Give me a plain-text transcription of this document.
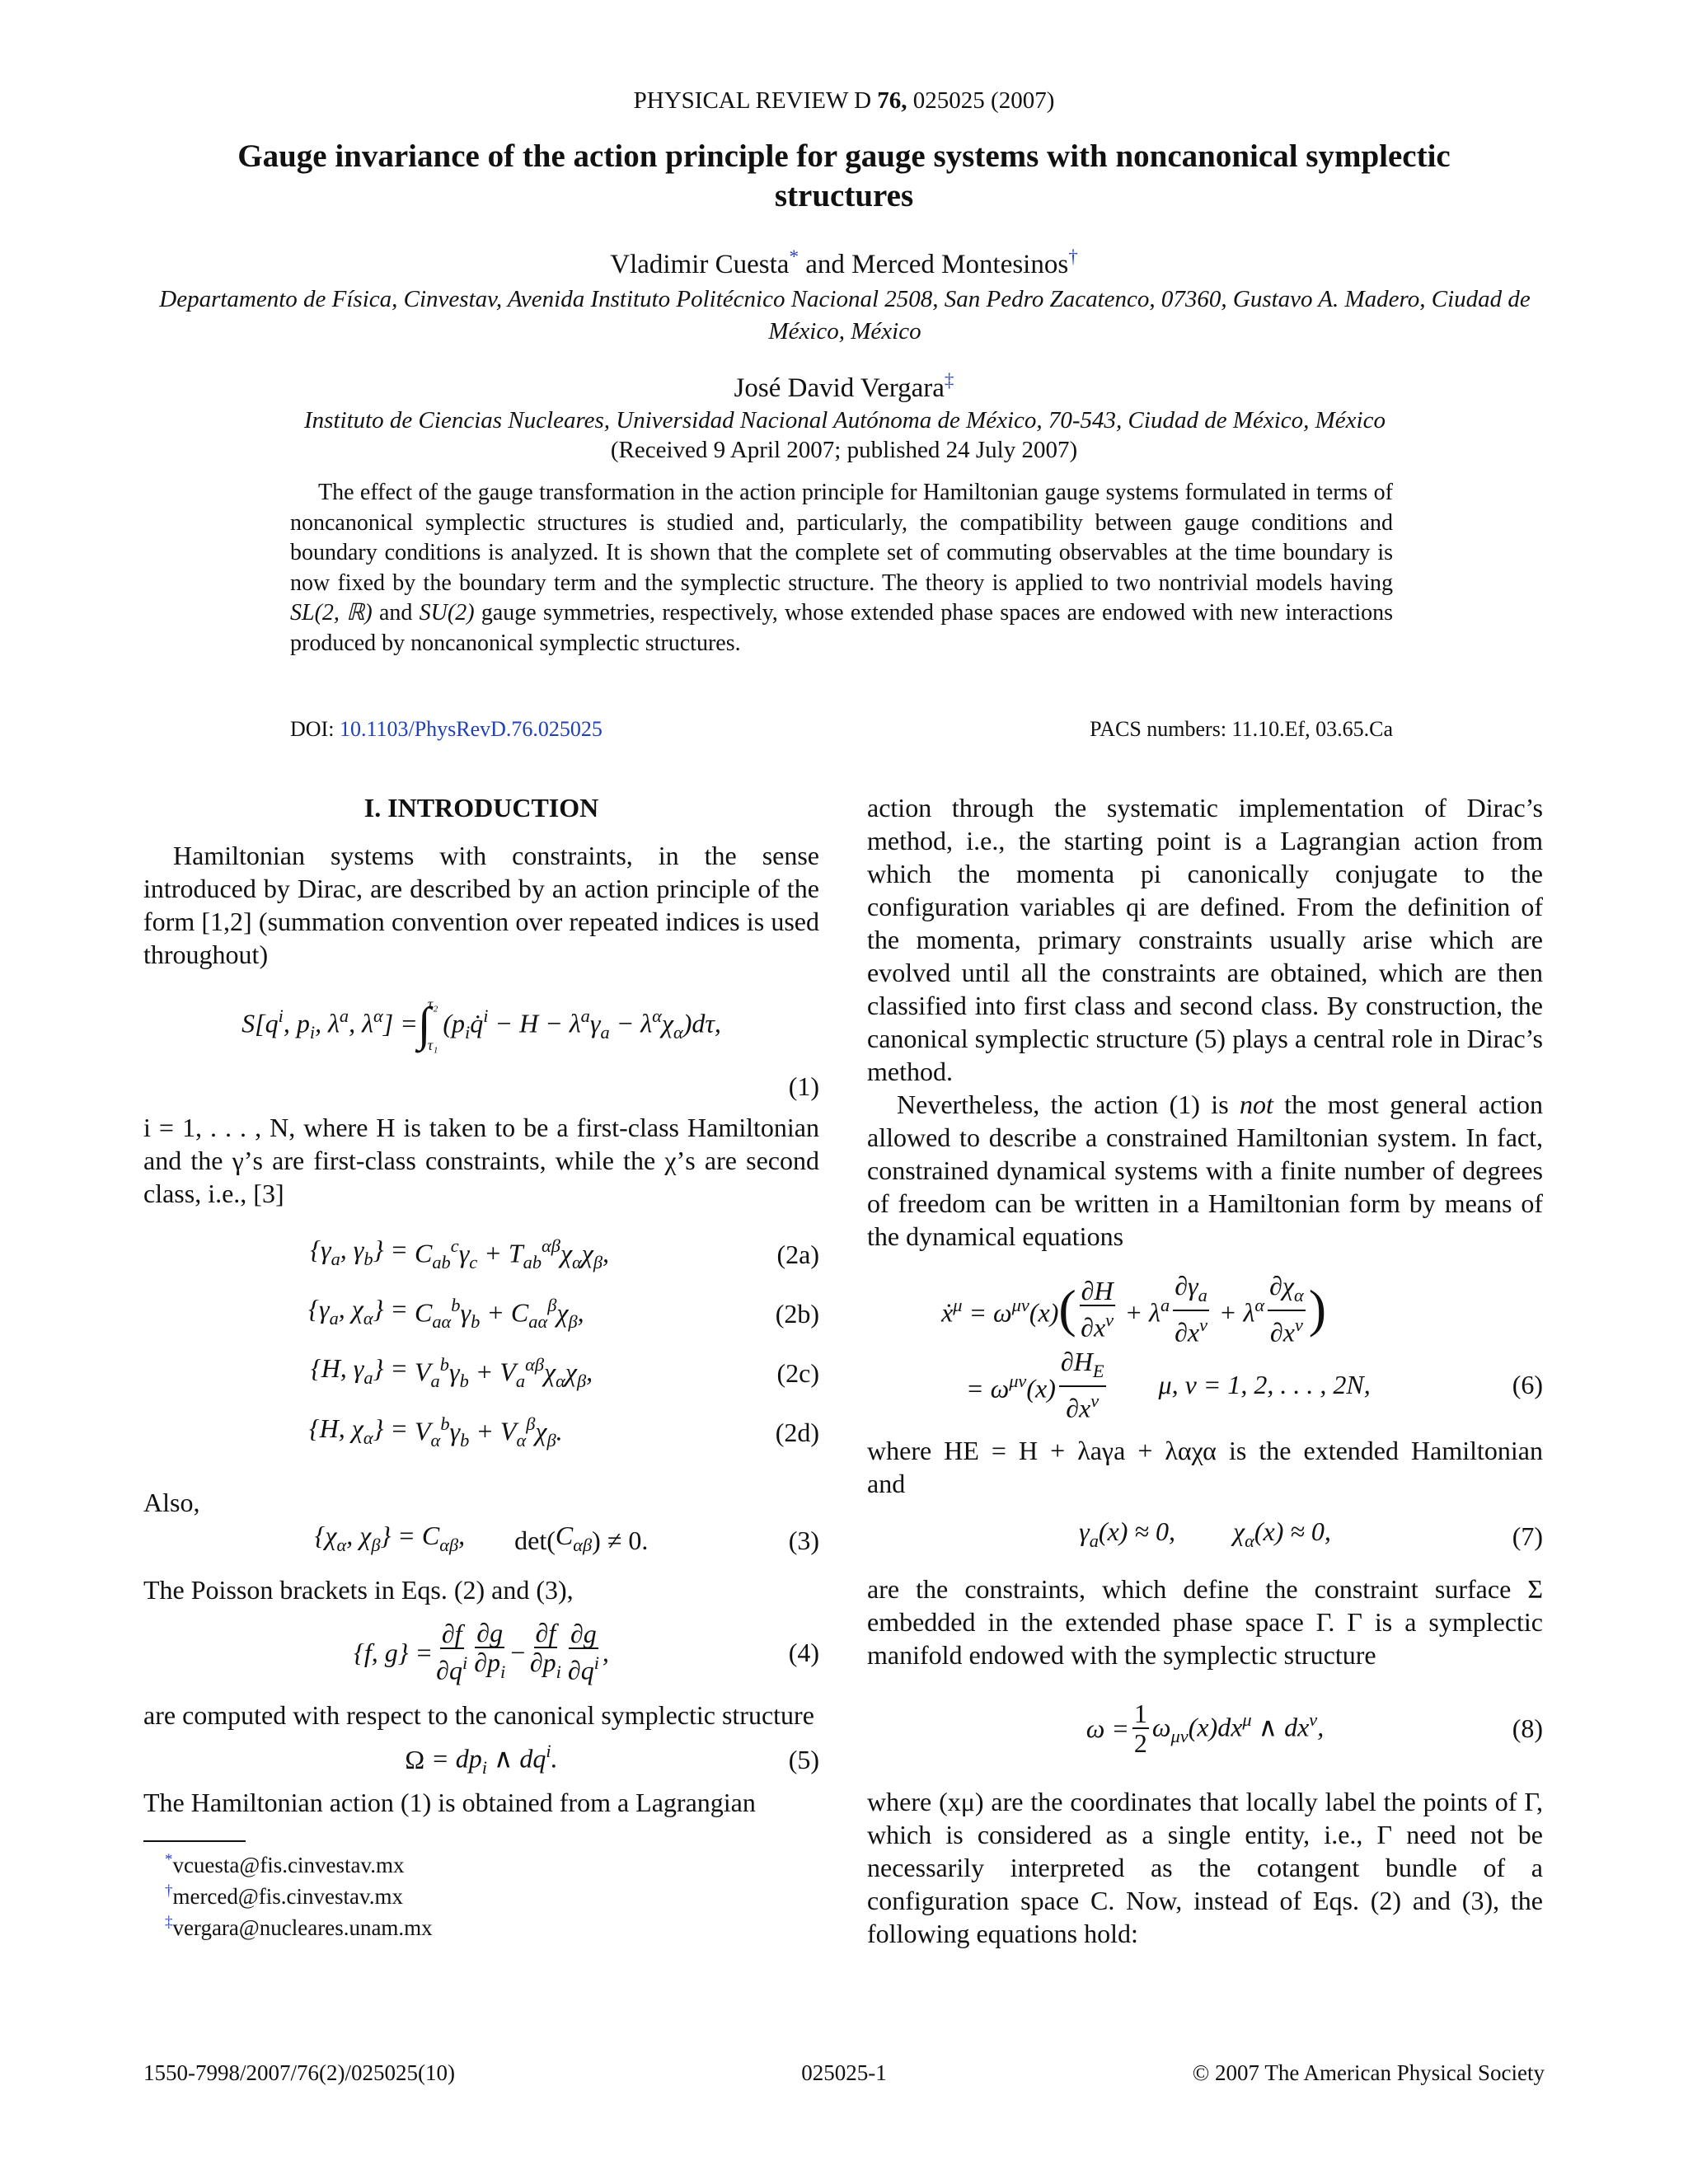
PHYSICAL REVIEW D 76, 025025 (2007)
Gauge invariance of the action principle for gauge systems with noncanonical symplectic structures
Vladimir Cuesta* and Merced Montesinos†
Departamento de Física, Cinvestav, Avenida Instituto Politécnico Nacional 2508, San Pedro Zacatenco, 07360, Gustavo A. Madero, Ciudad de México, México
José David Vergara‡
Instituto de Ciencias Nucleares, Universidad Nacional Autónoma de México, 70-543, Ciudad de México, México
(Received 9 April 2007; published 24 July 2007)
The effect of the gauge transformation in the action principle for Hamiltonian gauge systems formulated in terms of noncanonical symplectic structures is studied and, particularly, the compatibility between gauge conditions and boundary conditions is analyzed. It is shown that the complete set of commuting observables at the time boundary is now fixed by the boundary term and the symplectic structure. The theory is applied to two nontrivial models having SL(2, ℝ) and SU(2) gauge symmetries, respectively, whose extended phase spaces are endowed with new interactions produced by noncanonical symplectic structures.
DOI: 10.1103/PhysRevD.76.025025	PACS numbers: 11.10.Ef, 03.65.Ca
I. INTRODUCTION

Hamiltonian systems with constraints, in the sense introduced by Dirac, are described by an action principle of the form [1,2] (summation convention over repeated indices is used throughout)

$S[q^i$, $p_i$, $\lambda^a$, $\lambda^\alpha$] = ∫
τ₂
τ₁
$(p_iq̇^i - H - \lambda^a\gamma_a - \lambda^\alpha\chi_\alpha)d\tau$,
(1)

i = 1, . . . , N, where H is taken to be a first-class Hamiltonian and the γ’s are first-class constraints, while the χ’s are second class, i.e., [3]

{$\gamma_a$, $\gamma_b\} = C_{ab}^c\gamma_c + T_{ab}^{\alpha\beta}\chi_\alpha\chi_\beta$,	(2a)
{$\gamma_a$, $\chi_\alpha\} = C_{a\alpha}^b\gamma_b + C_{a\alpha}^\beta\chi_\beta$,	(2b)
{H, $\gamma_a\} = V_a^b\gamma_b + V_a^{\alpha\beta}\chi_\alpha\chi_\beta$,	(2c)
{H, $\chi_\alpha\} = V_\alpha^b\gamma_b + V_\alpha^\beta\chi_\beta$.	(2d)

Also,

{$\chi_\alpha$, $\chi_\beta\} = C_{\alpha\beta}$, det( $C_{\alpha\beta}$ ) ≠ 0.	(3)

The Poisson brackets in Eqs. (2) and (3),

{f, $g\} = \frac{\partial f}{\partial q^i} \frac{\partial g}{\partial p_i} - \frac{\partial f}{\partial p_i} \frac{\partial g}{\partial q^i}$ ,	(4)

are computed with respect to the canonical symplectic structure

$\Omega = dp_i$ ∧ $dq^i$.	(5)

The Hamiltonian action (1) is obtained from a Lagrangian

*vcuesta@fis.cinvestav.mx
†merced@fis.cinvestav.mx
‡vergara@nucleares.unam.mx

action through the systematic implementation of Dirac’s method, i.e., the starting point is a Lagrangian action from which the momenta pi canonically conjugate to the configuration variables qi are defined. From the definition of the momenta, primary constraints usually arise which are evolved until all the constraints are obtained, which are then classified into first class and second class. By construction, the canonical symplectic structure (5) plays a central role in Dirac’s method.

Nevertheless, the action (1) is not the most general action allowed to describe a constrained Hamiltonian system. In fact, constrained dynamical systems with a finite number of degrees of freedom can be written in a Hamiltonian form by means of the dynamical equations

ẋ$^\mu$ = $\omega^{\mu\nu}(x)$ ( $\frac{\partial H}{\partial x^\nu} + \lambda^a \frac{\partial\gamma_a}{\partial x^\nu} + \lambda^\alpha \frac{\partial\chi_\alpha}{\partial x^\nu}$ )
= $\omega^{\mu\nu}(x) \frac{\partial H_E}{\partial x^\nu} \mu$, ν = 1, 2, . . . , 2N,	(6)

where HE = H + λaγa + λαχα is the extended Hamiltonian and

$\gamma_a(x) \approx 0$, $\chi_\alpha(x) \approx 0$,	(7)

are the constraints, which define the constraint surface Σ embedded in the extended phase space Γ. Γ is a symplectic manifold endowed with the symplectic structure

$\omega = \frac{1}{2} \omega_{\mu\nu}(x)dx^\mu$ ∧ $dx^\nu$,	(8)

where (xμ) are the coordinates that locally label the points of Γ, which is considered as a single entity, i.e., Γ need not be necessarily interpreted as the cotangent bundle of a configuration space C. Now, instead of Eqs. (2) and (3), the following equations hold:

1550-7998/2007/76(2)/025025(10)	025025-1	© 2007 The American Physical Society
